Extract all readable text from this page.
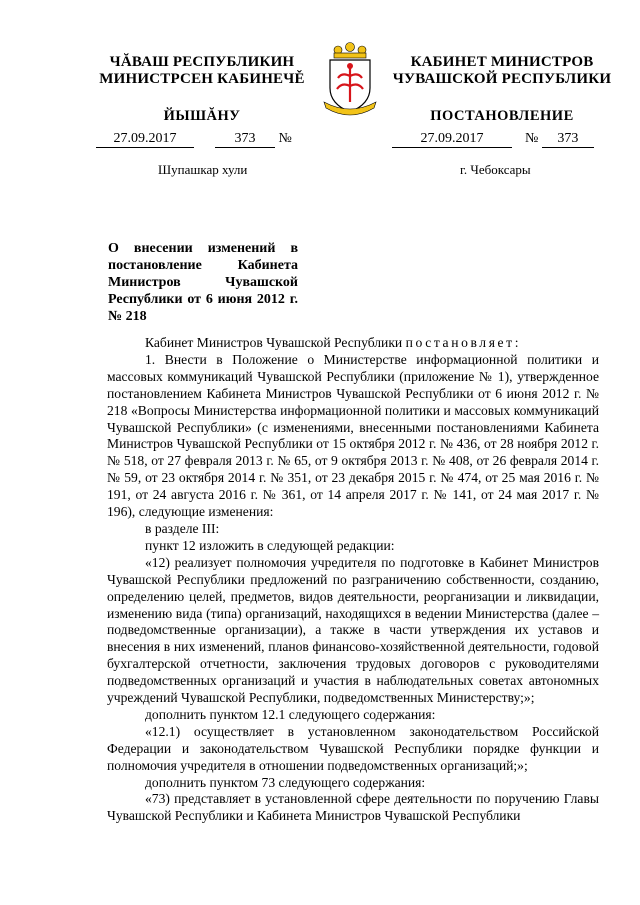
ЧĂВАШ РЕСПУБЛИКИН
МИНИСТРСЕН КАБИНЕЧĚ
ЙЫШĂНУ
КАБИНЕТ МИНИСТРОВ
ЧУВАШСКОЙ РЕСПУБЛИКИ
ПОСТАНОВЛЕНИЕ
27.09.2017	373 №	27.09.2017	№ 373
Шупашкар хули	г. Чебоксары
О внесении изменений в постановление Кабинета Министров Чувашской Республики от 6 июня 2012 г. № 218

Кабинет Министров Чувашской Республики постановляет:

1. Внести в Положение о Министерстве информационной политики и массовых коммуникаций Чувашской Республики (приложение № 1), утвержденное постановлением Кабинета Министров Чувашской Республики от 6 июня 2012 г. № 218 «Вопросы Министерства информационной политики и массовых коммуникаций Чувашской Республики» (с изменениями, внесенными постановлениями Кабинета Министров Чувашской Республики от 15 октября 2012 г. № 436, от 28 ноября 2012 г. № 518, от 27 февраля 2013 г. № 65, от 9 октября 2013 г. № 408, от 26 февраля 2014 г. № 59, от 23 октября 2014 г. № 351, от 23 декабря 2015 г. № 474, от 25 мая 2016 г. № 191, от 24 августа 2016 г. № 361, от 14 апреля 2017 г. № 141, от 24 мая 2017 г. № 196), следующие изменения:

в разделе III:

пункт 12 изложить в следующей редакции:

«12) реализует полномочия учредителя по подготовке в Кабинет Министров Чувашской Республики предложений по разграничению собственности, созданию, определению целей, предметов, видов деятельности, реорганизации и ликвидации, изменению вида (типа) организаций, находящихся в ведении Министерства (далее – подведомственные организации), а также в части утверждения их уставов и внесения в них изменений, планов финансово-хозяйственной деятельности, годовой бухгалтерской отчетности, заключения трудовых договоров с руководителями подведомственных организаций и участия в наблюдательных советах автономных учреждений Чувашской Республики, подведомственных Министерству;»;

дополнить пунктом 12.1 следующего содержания:

«12.1) осуществляет в установленном законодательством Российской Федерации и законодательством Чувашской Республики порядке функции и полномочия учредителя в отношении подведомственных организаций;»;

дополнить пунктом 73 следующего содержания:

«73) представляет в установленной сфере деятельности по поручению Главы Чувашской Республики и Кабинета Министров Чувашской Республики
